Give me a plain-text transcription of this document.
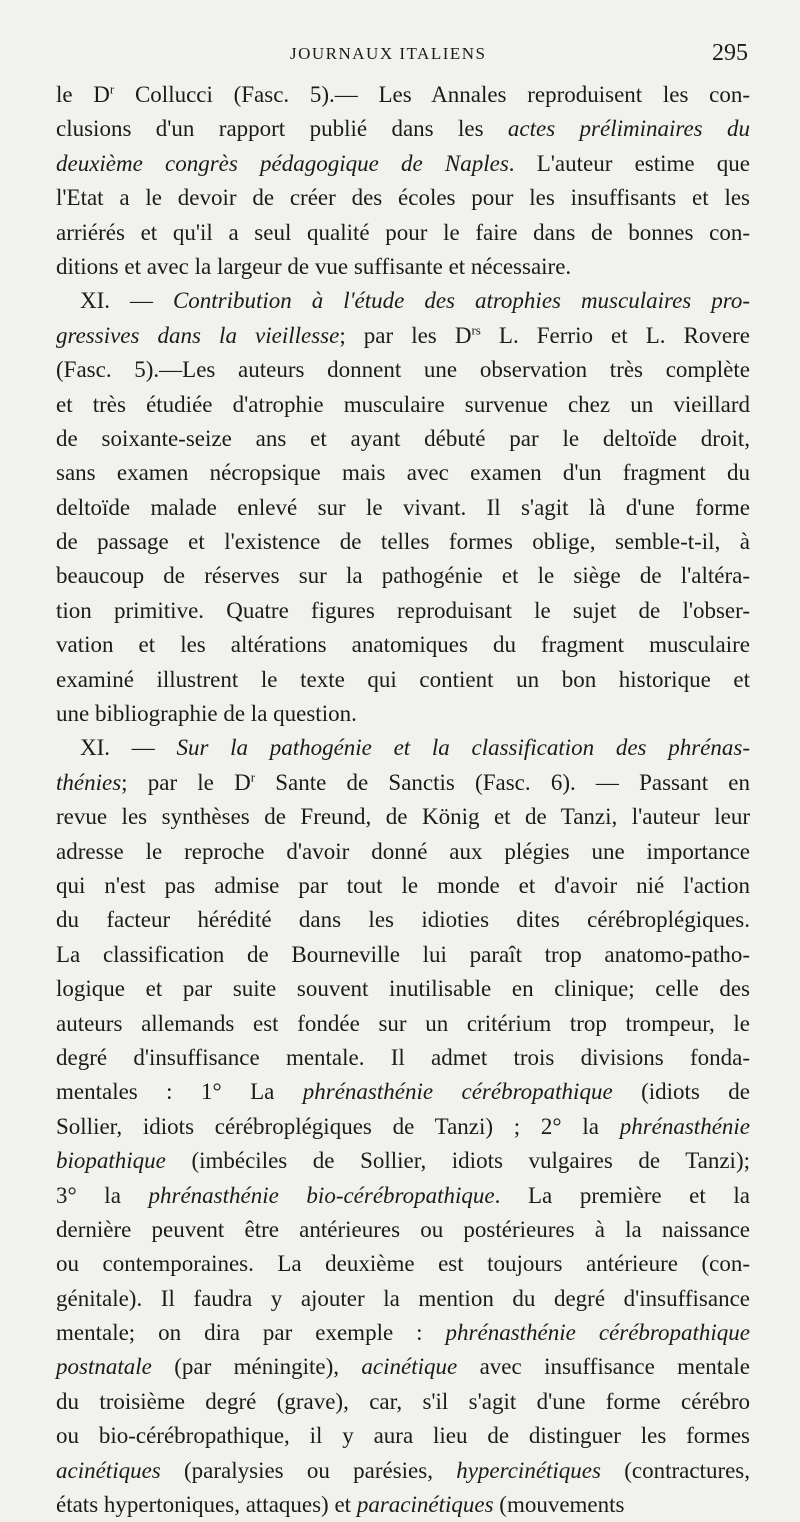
JOURNAUX ITALIENS	295
le $D^r$ Collucci (Fasc. 5).— Les Annales reproduisent les con-
clusions d'un rapport publié dans les actes préliminaires du
deuxième congrès pédagogique de Naples. L'auteur estime que
l'Etat a le devoir de créer des écoles pour les insuffisants et les
arriérés et qu'il a seul qualité pour le faire dans de bonnes con-
ditions et avec la largeur de vue suffisante et nécessaire.
XI. — Contribution à l'étude des atrophies musculaires pro-
gressives dans la vieillesse; par les $D^{rs}$ L. Ferrio et L. Rovere
(Fasc. 5).—Les auteurs donnent une observation très complète
et très étudiée d'atrophie musculaire survenue chez un vieillard
de soixante-seize ans et ayant débuté par le deltoïde droit,
sans examen nécropsique mais avec examen d'un fragment du
deltoïde malade enlevé sur le vivant. Il s'agit là d'une forme
de passage et l'existence de telles formes oblige, semble-t-il, à
beaucoup de réserves sur la pathogénie et le siège de l'altéra-
tion primitive. Quatre figures reproduisant le sujet de l'obser-
vation et les altérations anatomiques du fragment musculaire
examiné illustrent le texte qui contient un bon historique et
une bibliographie de la question.
XI. — Sur la pathogénie et la classification des phrénas-
thénies; par le $D^r$ Sante de Sanctis (Fasc. 6). — Passant en
revue les synthèses de Freund, de König et de Tanzi, l'auteur leur
adresse le reproche d'avoir donné aux plégies une importance
qui n'est pas admise par tout le monde et d'avoir nié l'action
du facteur hérédité dans les idioties dites cérébroplégiques.
La classification de Bourneville lui paraît trop anatomo-patho-
logique et par suite souvent inutilisable en clinique; celle des
auteurs allemands est fondée sur un critérium trop trompeur, le
degré d'insuffisance mentale. Il admet trois divisions fonda-
mentales : 1° La phrénasthénie cérébropathique (idiots de
Sollier, idiots cérébroplégiques de Tanzi) ; 2° la phrénasthénie
biopathique (imbéciles de Sollier, idiots vulgaires de Tanzi);
3° la phrénasthénie bio-cérébropathique. La première et la
dernière peuvent être antérieures ou postérieures à la naissance
ou contemporaines. La deuxième est toujours antérieure (con-
génitale). Il faudra y ajouter la mention du degré d'insuffisance
mentale; on dira par exemple : phrénasthénie cérébropathique
postnatale (par méningite), acinétique avec insuffisance mentale
du troisième degré (grave), car, s'il s'agit d'une forme cérébro
ou bio-cérébropathique, il y aura lieu de distinguer les formes
acinétiques (paralysies ou parésies, hypercinétiques (contractures,
états hypertoniques, attaques) et paracinétiques (mouvements
